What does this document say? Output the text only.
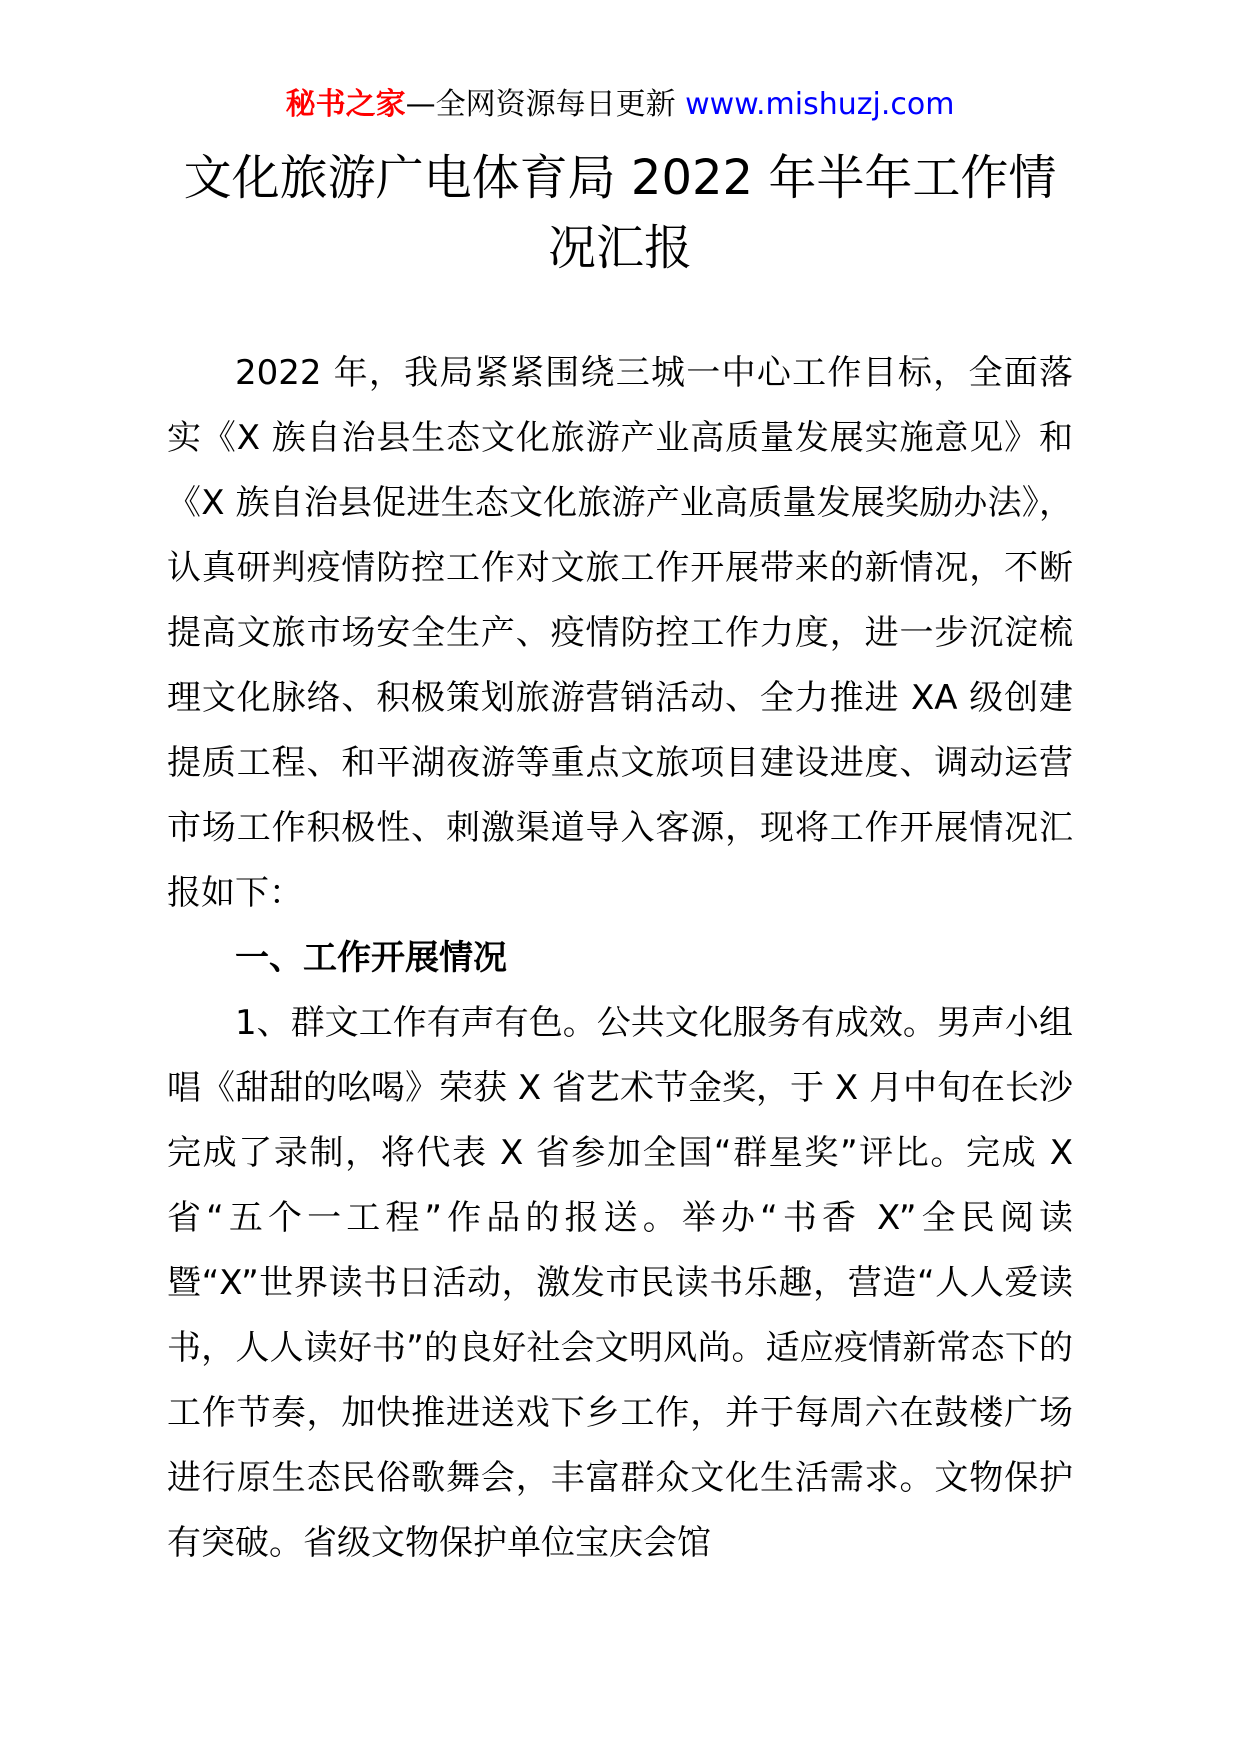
秘书之家—全网资源每日更新 www.mishuzj.com
文化旅游广电体育局 2022 年半年工作情况汇报

2022 年，我局紧紧围绕三城一中心工作目标，全面落实《X 族自治县生态文化旅游产业高质量发展实施意见》和《X 族自治县促进生态文化旅游产业高质量发展奖励办法》，认真研判疫情防控工作对文旅工作开展带来的新情况，不断提高文旅市场安全生产、疫情防控工作力度，进一步沉淀梳理文化脉络、积极策划旅游营销活动、全力推进 XA 级创建提质工程、和平湖夜游等重点文旅项目建设进度、调动运营市场工作积极性、刺激渠道导入客源，现将工作开展情况汇报如下：

一、工作开展情况

1、群文工作有声有色。公共文化服务有成效。男声小组唱《甜甜的吆喝》荣获 X 省艺术节金奖，于 X 月中旬在长沙完成了录制，将代表 X 省参加全国“群星奖”评比。完成 X 省“五个一工程”作品的报送。举办“书香 X”全民阅读暨“X”世界读书日活动，激发市民读书乐趣，营造“人人爱读书，人人读好书”的良好社会文明风尚。适应疫情新常态下的工作节奏，加快推进送戏下乡工作，并于每周六在鼓楼广场进行原生态民俗歌舞会，丰富群众文化生活需求。文物保护有突破。省级文物保护单位宝庆会馆
